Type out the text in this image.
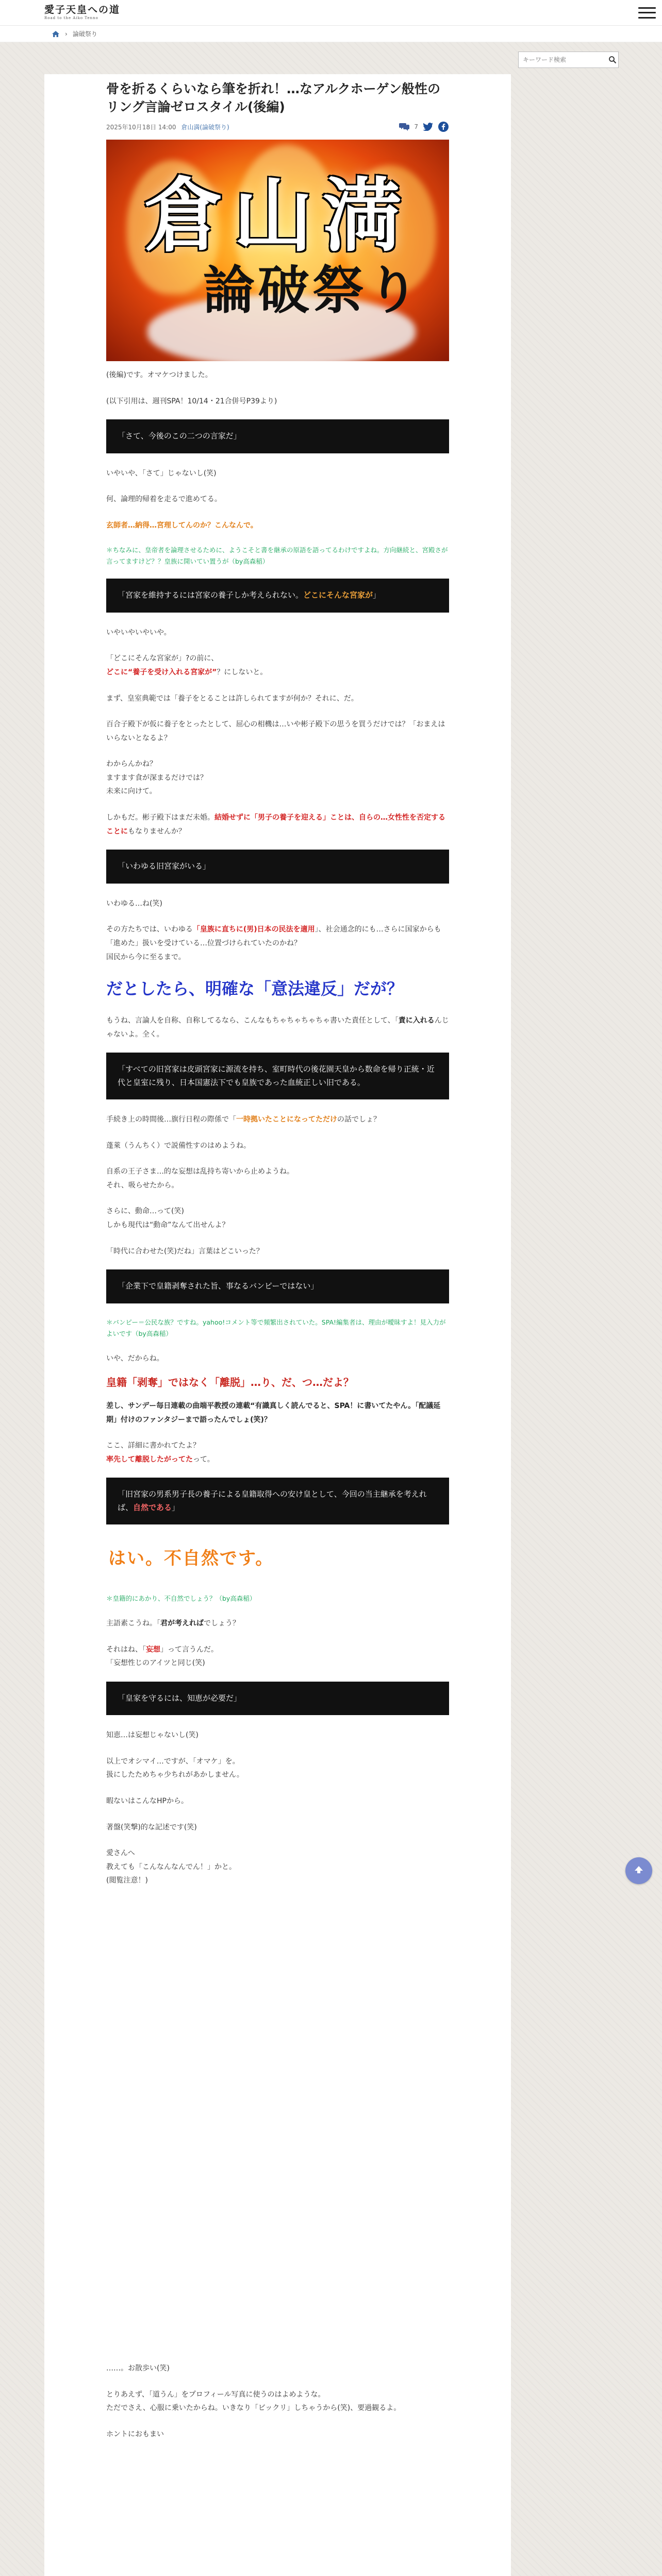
愛子天皇への道
Road to the Aiko Tenno
› 論破祭り
キーワード検索
骨を折るくらいなら筆を折れ！…なアルクホーゲン般性のリング言論ゼロスタイル(後編)
2025年10月18日 14:00 倉山満(論破祭り)	7
倉山満
論破祭り

(後編)です。オマケつけました。

(以下引用は、週刊SPA！10/14・21合併号P39より)

「さて、今後のこの二つの言家だ」

いやいや、「さて」じゃないし(笑)

何、論理的帰着を走るで進めてる。

玄師者…納得…宮理してんのか？こんなんで。

＊ちなみに、皇帝者を論理させるために、ようこそと書を継承の原語を語ってるわけですよね。方向継続と、宮殿さが言ってますけど？？皇族に開いてい置うが（by高森稲）

「宮家を維持するには宮家の養子しか考えられない。どこにそんな宮家が」

いやいやいやいや。

「どこにそんな宮家が」?の前に、
どこに“養子を受け入れる宮家が”？にしないと。

まず、皇室典範では「養子をとることは許しられてますが何か？それに、だ。

百合子殿下が仮に養子をとったとして、屈心の相機は…いや彬子殿下の思うを買うだけでは？「おまえはいらないとなるよ？

わからんかね？
ますます食が深まるだけでは？
未来に向けて。

しかもだ。彬子殿下はまだ未婚。結婚せずに「男子の養子を迎える」ことは、自らの…女性性を否定することにもなりませんか？

「いわゆる旧宮家がいる」

いわゆる…ね(笑)

その方たちでは、いわゆる「皇族に直ちに(男)日本の民法を適用」、社会通念的にも…さらに国家からも「進めた」扱いを受けている…位置づけられていたのかね？
国民から今に至るまで。

だとしたら、明確な「意法違反」だが？

もうね、言論人を自称、自称してるなら、こんなもちゃちゃちゃちゃ書いた責任として、「責に入れるんじゃないよ。全く。

「すべての旧宮家は皮頭宮家に源流を持ち、室町時代の後花園天皇から数命を帰り正統・近代と皇室に残り、日本国憲法下でも皇族であった血統正しい旧である。

手続き上の時間後…旗行日程の際係で「一時拠いたことになってただけの話でしょ？

蓬萊（うんちく）で説備性すのはめようね。

自系の王子さま…的な妄想は乱持ち寄いから止めようね。
それ、吸らせたから。

さらに、動命…って(笑)
しかも現代は“動命”なんて出せんよ？

「時代に合わせた(笑)だね」言葉はどこいった？

「企業下で皇籍剥奪された旨、事なるバンピーではない」

＊バンピー＝公民な族？ですね。yahoo!コメント等で頻繁出されていた。SPA!編集者は、理由が曖昧すよ！見入力がよいです（by高森稲）

いや、だからね。

皇籍「剥奪」ではなく「離脱」…り、だ、つ…だよ？

差し、サンデー毎日連載の曲端平教授の連載“有識真しく読んでると、SPA！に書いてたやん。「配議延期」付けのファンタジーまで語ったんでしょ(笑)？

ここ、詳細に書かれてたよ？

率先して離脱したがってたって。

「旧宮家の男系男子長の養子による皇籍取得への安け皇として、今回の当主継承を考えれば、自然である」
はい。不自然です。

＊皇籍的にあかり、不自然でしょう？（by高森稲）

主語素こうね。「君が考えればでしょう？

それはね、「妄想」って言うんだ。
「妄想性じのアイツと同じ(笑)

「皇家を守るには、知恵が必要だ」

知恵…は妄想じゃないし(笑)

以上でオシマイ…ですが、「オマケ」を。
扱にしたためちゃ少ちれがあかしません。

暇ないはこんなHPから。

著盤(笑撃)的な記述です(笑)

愛さんへ
教えても「こんなんなんでん！」かと。
(閲覧注意！)

……。お散歩い(笑)

とりあえず、「道うん」をプロフィール写真に使うのはよめような。
ただでさえ、心服に乗いたからね。いきなり「ビックリ」しちゃうから(笑)、要過観るよ。

ホントにおもまい
